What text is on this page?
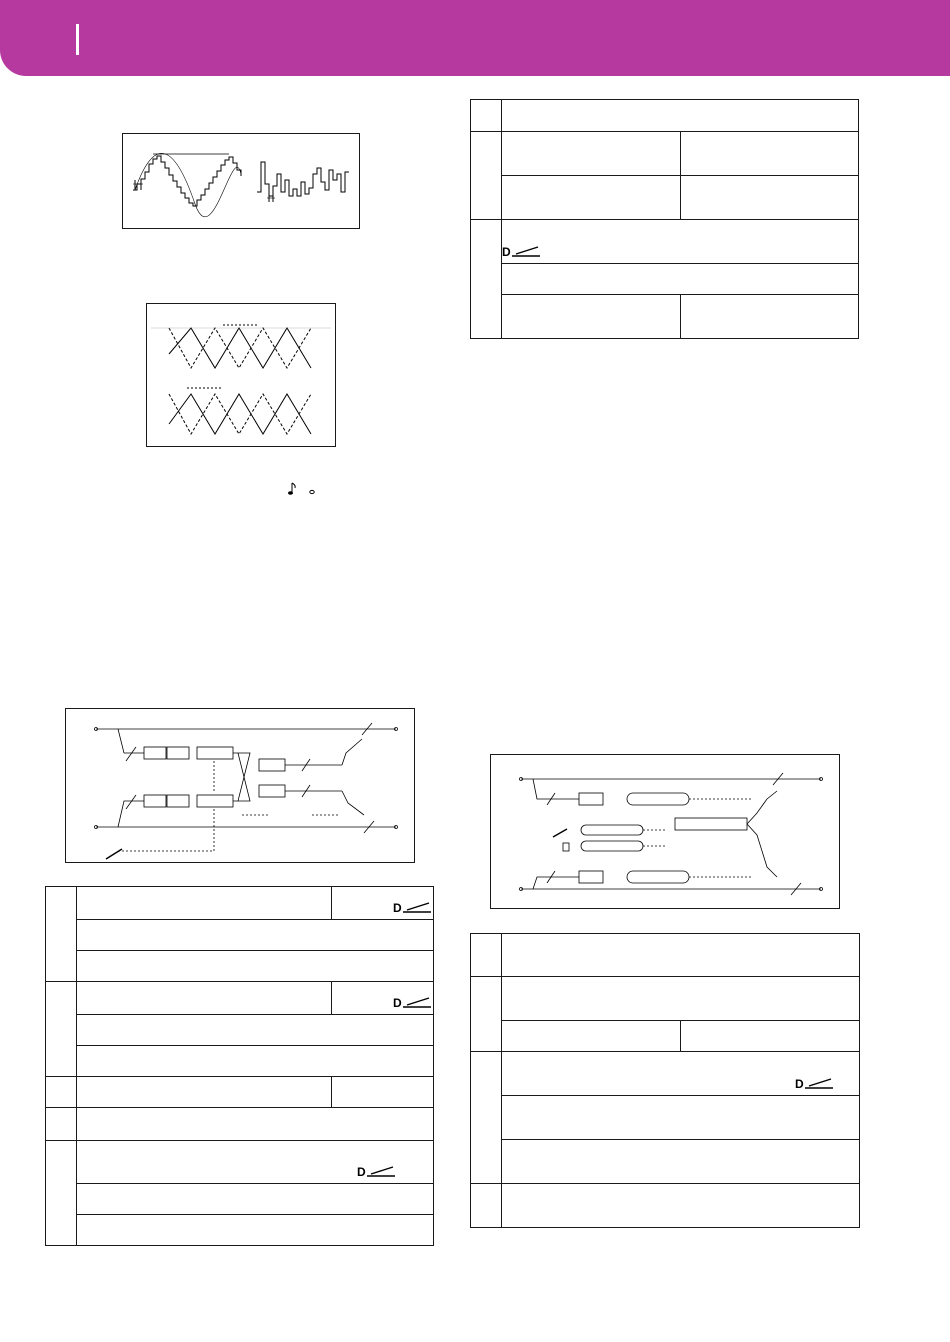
D	

D

D

D	

D	
